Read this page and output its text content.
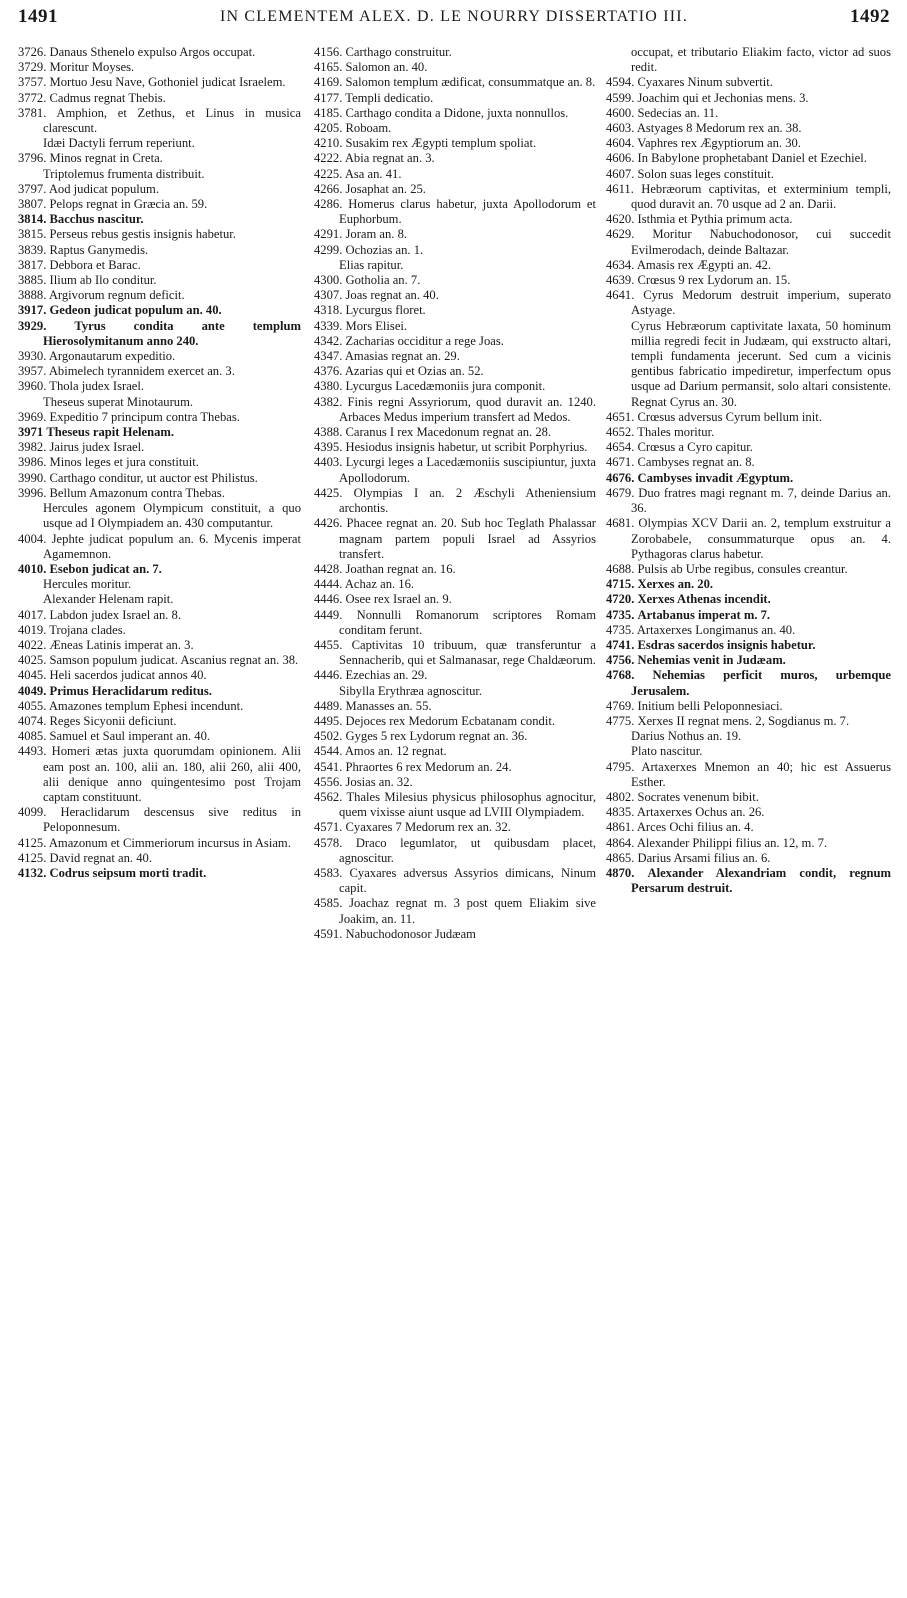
1491	IN CLEMENTEM ALEX. D. LE NOURRY DISSERTATIO III.	1492
3726. Danaus Sthenelo expulso Argos occupat.
3729. Moritur Moyses.
3757. Mortuo Jesu Nave, Gothoniel judicat Israelem.
3772. Cadmus regnat Thebis.
3781. Amphion, et Zethus, et Linus in musica clarescunt.
Idæi Dactyli ferrum reperiunt.
3796. Minos regnat in Creta.
Triptolemus frumenta distribuit.
3797. Aod judicat populum.
3807. Pelops regnat in Græcia an. 59.
3814. Bacchus nascitur.
3815. Perseus rebus gestis insignis habetur.
3839. Raptus Ganymedis.
3817. Debbora et Barac.
3885. Ilium ab Ilo conditur.
3888. Argivorum regnum deficit.
3917. Gedeon judicat populum an. 40.
3929. Tyrus condita ante templum Hierosolymitanum anno 240.
3930. Argonautarum expeditio.
3957. Abimelech tyrannidem exercet an. 3.
3960. Thola judex Israel.
Theseus superat Minotaurum.
3969. Expeditio 7 principum contra Thebas.
3971 Theseus rapit Helenam.
3982. Jairus judex Israel.
3986. Minos leges et jura constituit.
3990. Carthago conditur, ut auctor est Philistus.
3996. Bellum Amazonum contra Thebas.
Hercules agonem Olympicum constituit, a quo usque ad I Olympiadem an. 430 computantur.
4004. Jephte judicat populum an. 6. Mycenis imperat Agamemnon.
4010. Esebon judicat an. 7.
Hercules moritur.
Alexander Helenam rapit.
4017. Labdon judex Israel an. 8.
4019. Trojana clades.
4022. Æneas Latinis imperat an. 3.
4025. Samson populum judicat. Ascanius regnat an. 38.
4045. Heli sacerdos judicat annos 40.
4049. Primus Heraclidarum reditus.
4055. Amazones templum Ephesi incendunt.
4074. Reges Sicyonii deficiunt.
4085. Samuel et Saul imperant an. 40.
4493. Homeri ætas juxta quorumdam opinionem. Alii eam post an. 100, alii an. 180, alii 260, alii 400, alii denique anno quingentesimo post Trojam captam constituunt.
4099. Heraclidarum descensus sive reditus in Peloponnesum.
4125. Amazonum et Cimmeriorum incursus in Asiam.
4125. David regnat an. 40.
4132. Codrus seipsum morti tradit.
4156. Carthago construitur.
4165. Salomon an. 40.
4169. Salomon templum ædificat, consummatque an. 8.
4177. Templi dedicatio.
4185. Carthago condita a Didone, juxta nonnullos.
4205. Roboam.
4210. Susakim rex Ægypti templum spoliat.
4222. Abia regnat an. 3.
4225. Asa an. 41.
4266. Josaphat an. 25.
4286. Homerus clarus habetur, juxta Apollodorum et Euphorbum.
4291. Joram an. 8.
4299. Ochozias an. 1.
Elias rapitur.
4300. Gotholia an. 7.
4307. Joas regnat an. 40.
4318. Lycurgus floret.
4339. Mors Elisei.
4342. Zacharias occiditur a rege Joas.
4347. Amasias regnat an. 29.
4376. Azarias qui et Ozias an. 52.
4380. Lycurgus Lacedæmoniis jura componit.
4382. Finis regni Assyriorum, quod duravit an. 1240. Arbaces Medus imperium transfert ad Medos.
4388. Caranus I rex Macedonum regnat an. 28.
4395. Hesiodus insignis habetur, ut scribit Porphyrius.
4403. Lycurgi leges a Lacedæmoniis suscipiuntur, juxta Apollodorum.
4425. Olympias I an. 2 Æschyli Atheniensium archontis.
4426. Phacee regnat an. 20. Sub hoc Teglath Phalassar magnam partem populi Israel ad Assyrios transfert.
4428. Joathan regnat an. 16.
4444. Achaz an. 16.
4446. Osee rex Israel an. 9.
4449. Nonnulli Romanorum scriptores Romam conditam ferunt.
4455. Captivitas 10 tribuum, quæ transferuntur a Sennacherib, qui et Salmanasar, rege Chaldæorum.
4446. Ezechias an. 29.
Sibylla Erythræa agnoscitur.
4489. Manasses an. 55.
4495. Dejoces rex Medorum Ecbatanam condit.
4502. Gyges 5 rex Lydorum regnat an. 36.
4544. Amos an. 12 regnat.
4541. Phraortes 6 rex Medorum an. 24.
4556. Josias an. 32.
4562. Thales Milesius physicus philosophus agnocitur, quem vixisse aiunt usque ad LVIII Olympiadem.
4571. Cyaxares 7 Medorum rex an. 32.
4578. Draco legumlator, ut quibusdam placet, agnoscitur.
4583. Cyaxares adversus Assyrios dimicans, Ninum capit.
4585. Joachaz regnat m. 3 post quem Eliakim sive Joakim, an. 11.
4591. Nabuchodonosor Judæam
occupat, et tributario Eliakim facto, victor ad suos redit.
4594. Cyaxares Ninum subvertit.
4599. Joachim qui et Jechonias mens. 3.
4600. Sedecias an. 11.
4603. Astyages 8 Medorum rex an. 38.
4604. Vaphres rex Ægyptiorum an. 30.
4606. In Babylone prophetabant Daniel et Ezechiel.
4607. Solon suas leges constituit.
4611. Hebræorum captivitas, et exterminium templi, quod duravit an. 70 usque ad 2 an. Darii.
4620. Isthmia et Pythia primum acta.
4629. Moritur Nabuchodonosor, cui succedit Evilmerodach, deinde Baltazar.
4634. Amasis rex Ægypti an. 42.
4639. Crœsus 9 rex Lydorum an. 15.
4641. Cyrus Medorum destruit imperium, superato Astyage.
Cyrus Hebræorum captivitate laxata, 50 hominum millia regredi fecit in Judæam, qui exstructo altari, templi fundamenta jecerunt. Sed cum a vicinis gentibus fabricatio impediretur, imperfectum opus usque ad Darium permansit, solo altari consistente. Regnat Cyrus an. 30.
4651. Crœsus adversus Cyrum bellum init.
4652. Thales moritur.
4654. Crœsus a Cyro capitur.
4671. Cambyses regnat an. 8.
4676. Cambyses invadit Ægyptum.
4679. Duo fratres magi regnant m. 7, deinde Darius an. 36.
4681. Olympias XCV Darii an. 2, templum exstruitur a Zorobabele, consummaturque opus an. 4. Pythagoras clarus habetur.
4688. Pulsis ab Urbe regibus, consules creantur.
4715. Xerxes an. 20.
4720. Xerxes Athenas incendit.
4735. Artabanus imperat m. 7.
4735. Artaxerxes Longimanus an. 40.
4741. Esdras sacerdos insignis habetur.
4756. Nehemias venit in Judæam.
4768. Nehemias perficit muros, urbemque Jerusalem.
4769. Initium belli Peloponnesiaci.
4775. Xerxes II regnat mens. 2, Sogdianus m. 7.
Darius Nothus an. 19.
Plato nascitur.
4795. Artaxerxes Mnemon an 40; hic est Assuerus Esther.
4802. Socrates venenum bibit.
4835. Artaxerxes Ochus an. 26.
4861. Arces Ochi filius an. 4.
4864. Alexander Philippi filius an. 12, m. 7.
4865. Darius Arsami filius an. 6.
4870. Alexander Alexandriam condit, regnum Persarum destruit.
